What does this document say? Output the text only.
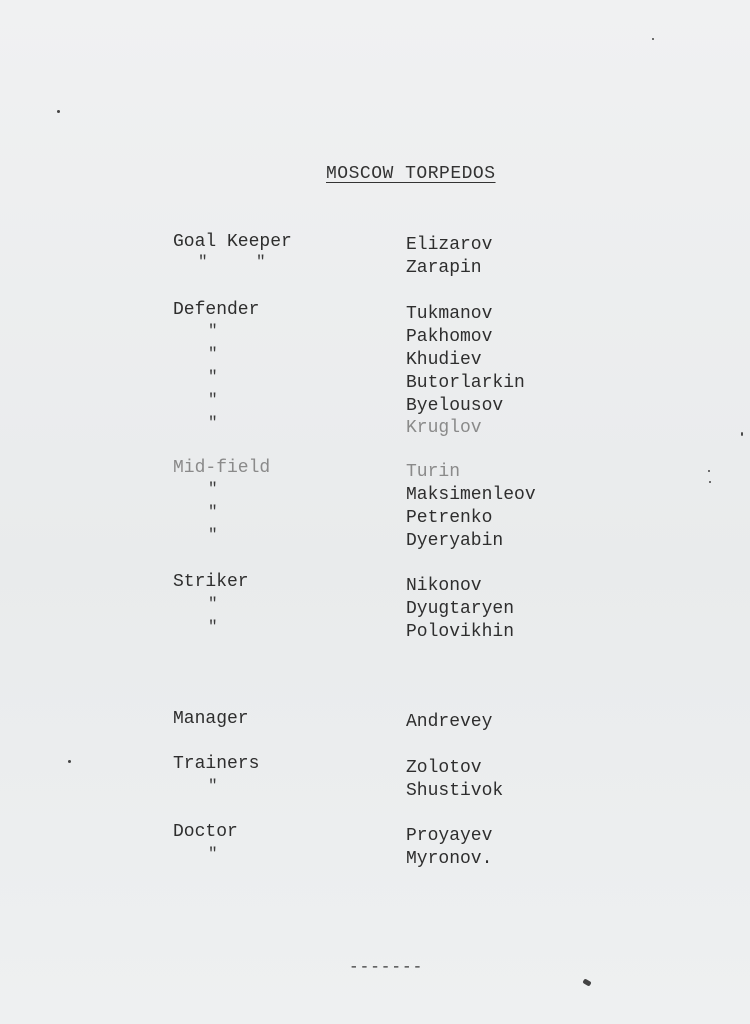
MOSCOW TORPEDOS
Goal Keeper
"	"
Elizarov
Zarapin
Defender
"
"
"
"
"
Tukmanov
Pakhomov
Khudiev
Butorlarkin
Byelousov
Kruglov
Mid-field
"
"
"
Turin
Maksimenleov
Petrenko
Dyeryabin
Striker
"
"
Nikonov
Dyugtaryen
Polovikhin
Manager	Andrevey
Trainers
"
Zolotov
Shustivok
Doctor
"
Proyayev
Myronov.
-------
